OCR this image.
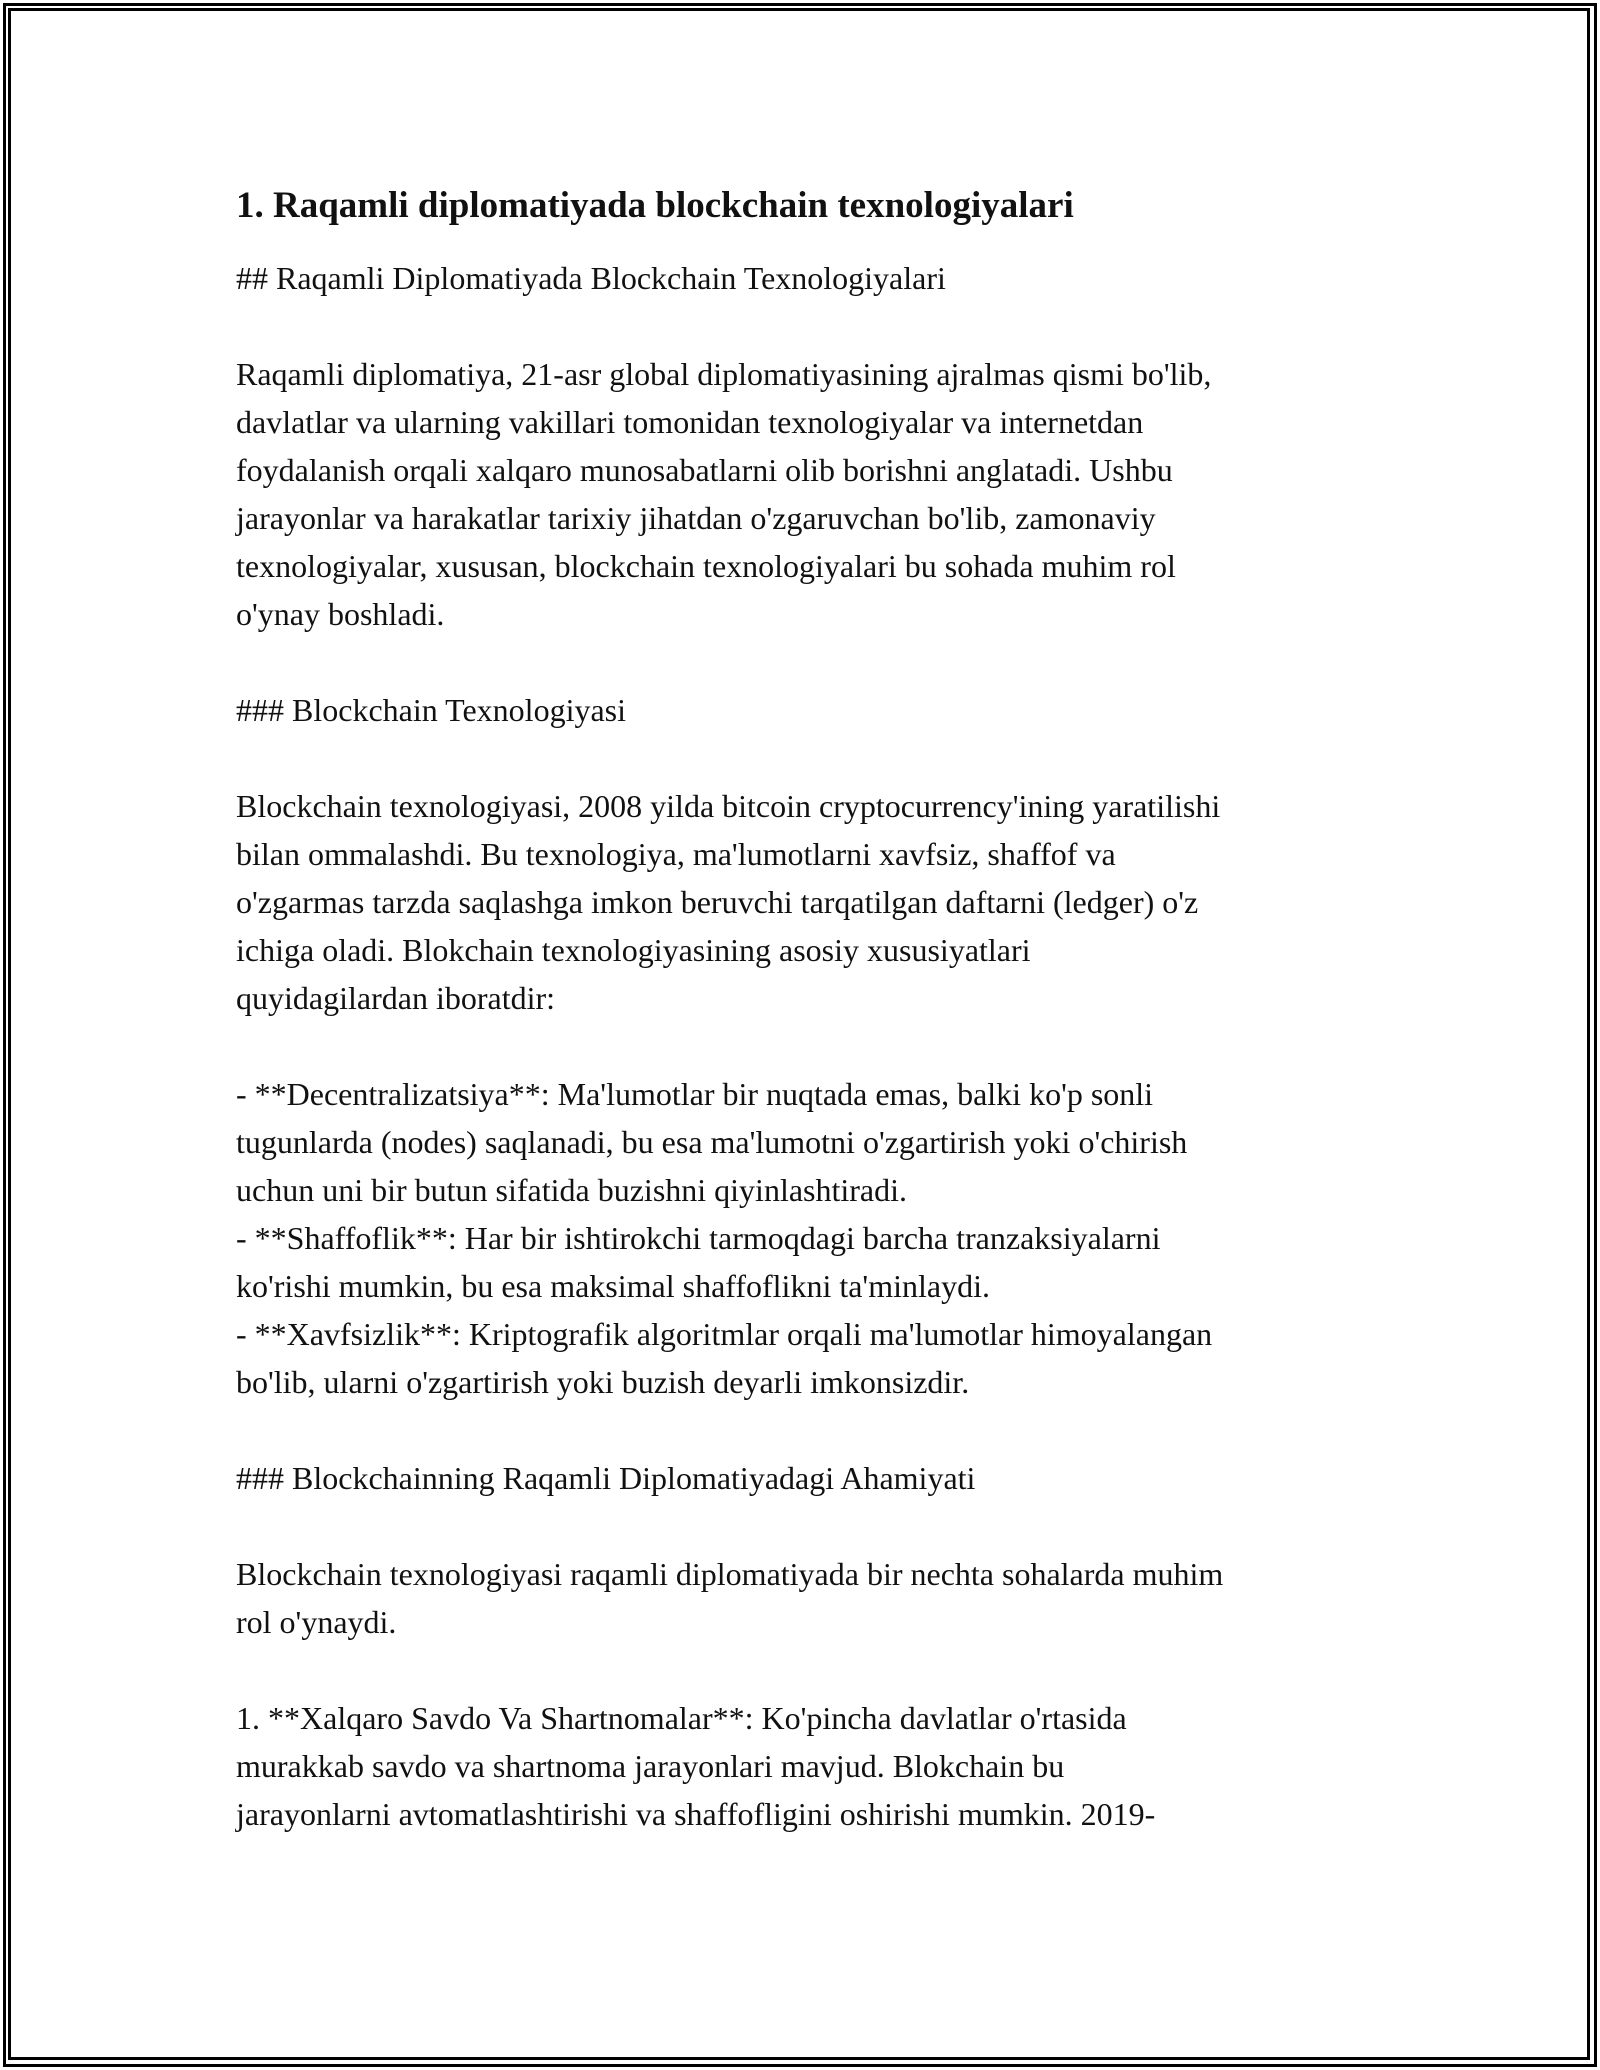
1. Raqamli diplomatiyada blockchain texnologiyalari
## Raqamli Diplomatiyada Blockchain Texnologiyalari
Raqamli diplomatiya, 21-asr global diplomatiyasining ajralmas qismi bo'lib,
davlatlar va ularning vakillari tomonidan texnologiyalar va internetdan
foydalanish orqali xalqaro munosabatlarni olib borishni anglatadi. Ushbu
jarayonlar va harakatlar tarixiy jihatdan o'zgaruvchan bo'lib, zamonaviy
texnologiyalar, xususan, blockchain texnologiyalari bu sohada muhim rol
o'ynay boshladi.
### Blockchain Texnologiyasi
Blockchain texnologiyasi, 2008 yilda bitcoin cryptocurrency'ining yaratilishi
bilan ommalashdi. Bu texnologiya, ma'lumotlarni xavfsiz, shaffof va
o'zgarmas tarzda saqlashga imkon beruvchi tarqatilgan daftarni (ledger) o'z
ichiga oladi. Blokchain texnologiyasining asosiy xususiyatlari
quyidagilardan iboratdir:
- **Decentralizatsiya**: Ma'lumotlar bir nuqtada emas, balki ko'p sonli
tugunlarda (nodes) saqlanadi, bu esa ma'lumotni o'zgartirish yoki o'chirish
uchun uni bir butun sifatida buzishni qiyinlashtiradi.
- **Shaffoflik**: Har bir ishtirokchi tarmoqdagi barcha tranzaksiyalarni
ko'rishi mumkin, bu esa maksimal shaffoflikni ta'minlaydi.
- **Xavfsizlik**: Kriptografik algoritmlar orqali ma'lumotlar himoyalangan
bo'lib, ularni o'zgartirish yoki buzish deyarli imkonsizdir.
### Blockchainning Raqamli Diplomatiyadagi Ahamiyati
Blockchain texnologiyasi raqamli diplomatiyada bir nechta sohalarda muhim
rol o'ynaydi.
1. **Xalqaro Savdo Va Shartnomalar**: Ko'pincha davlatlar o'rtasida
murakkab savdo va shartnoma jarayonlari mavjud. Blokchain bu
jarayonlarni avtomatlashtirishi va shaffofligini oshirishi mumkin. 2019-
